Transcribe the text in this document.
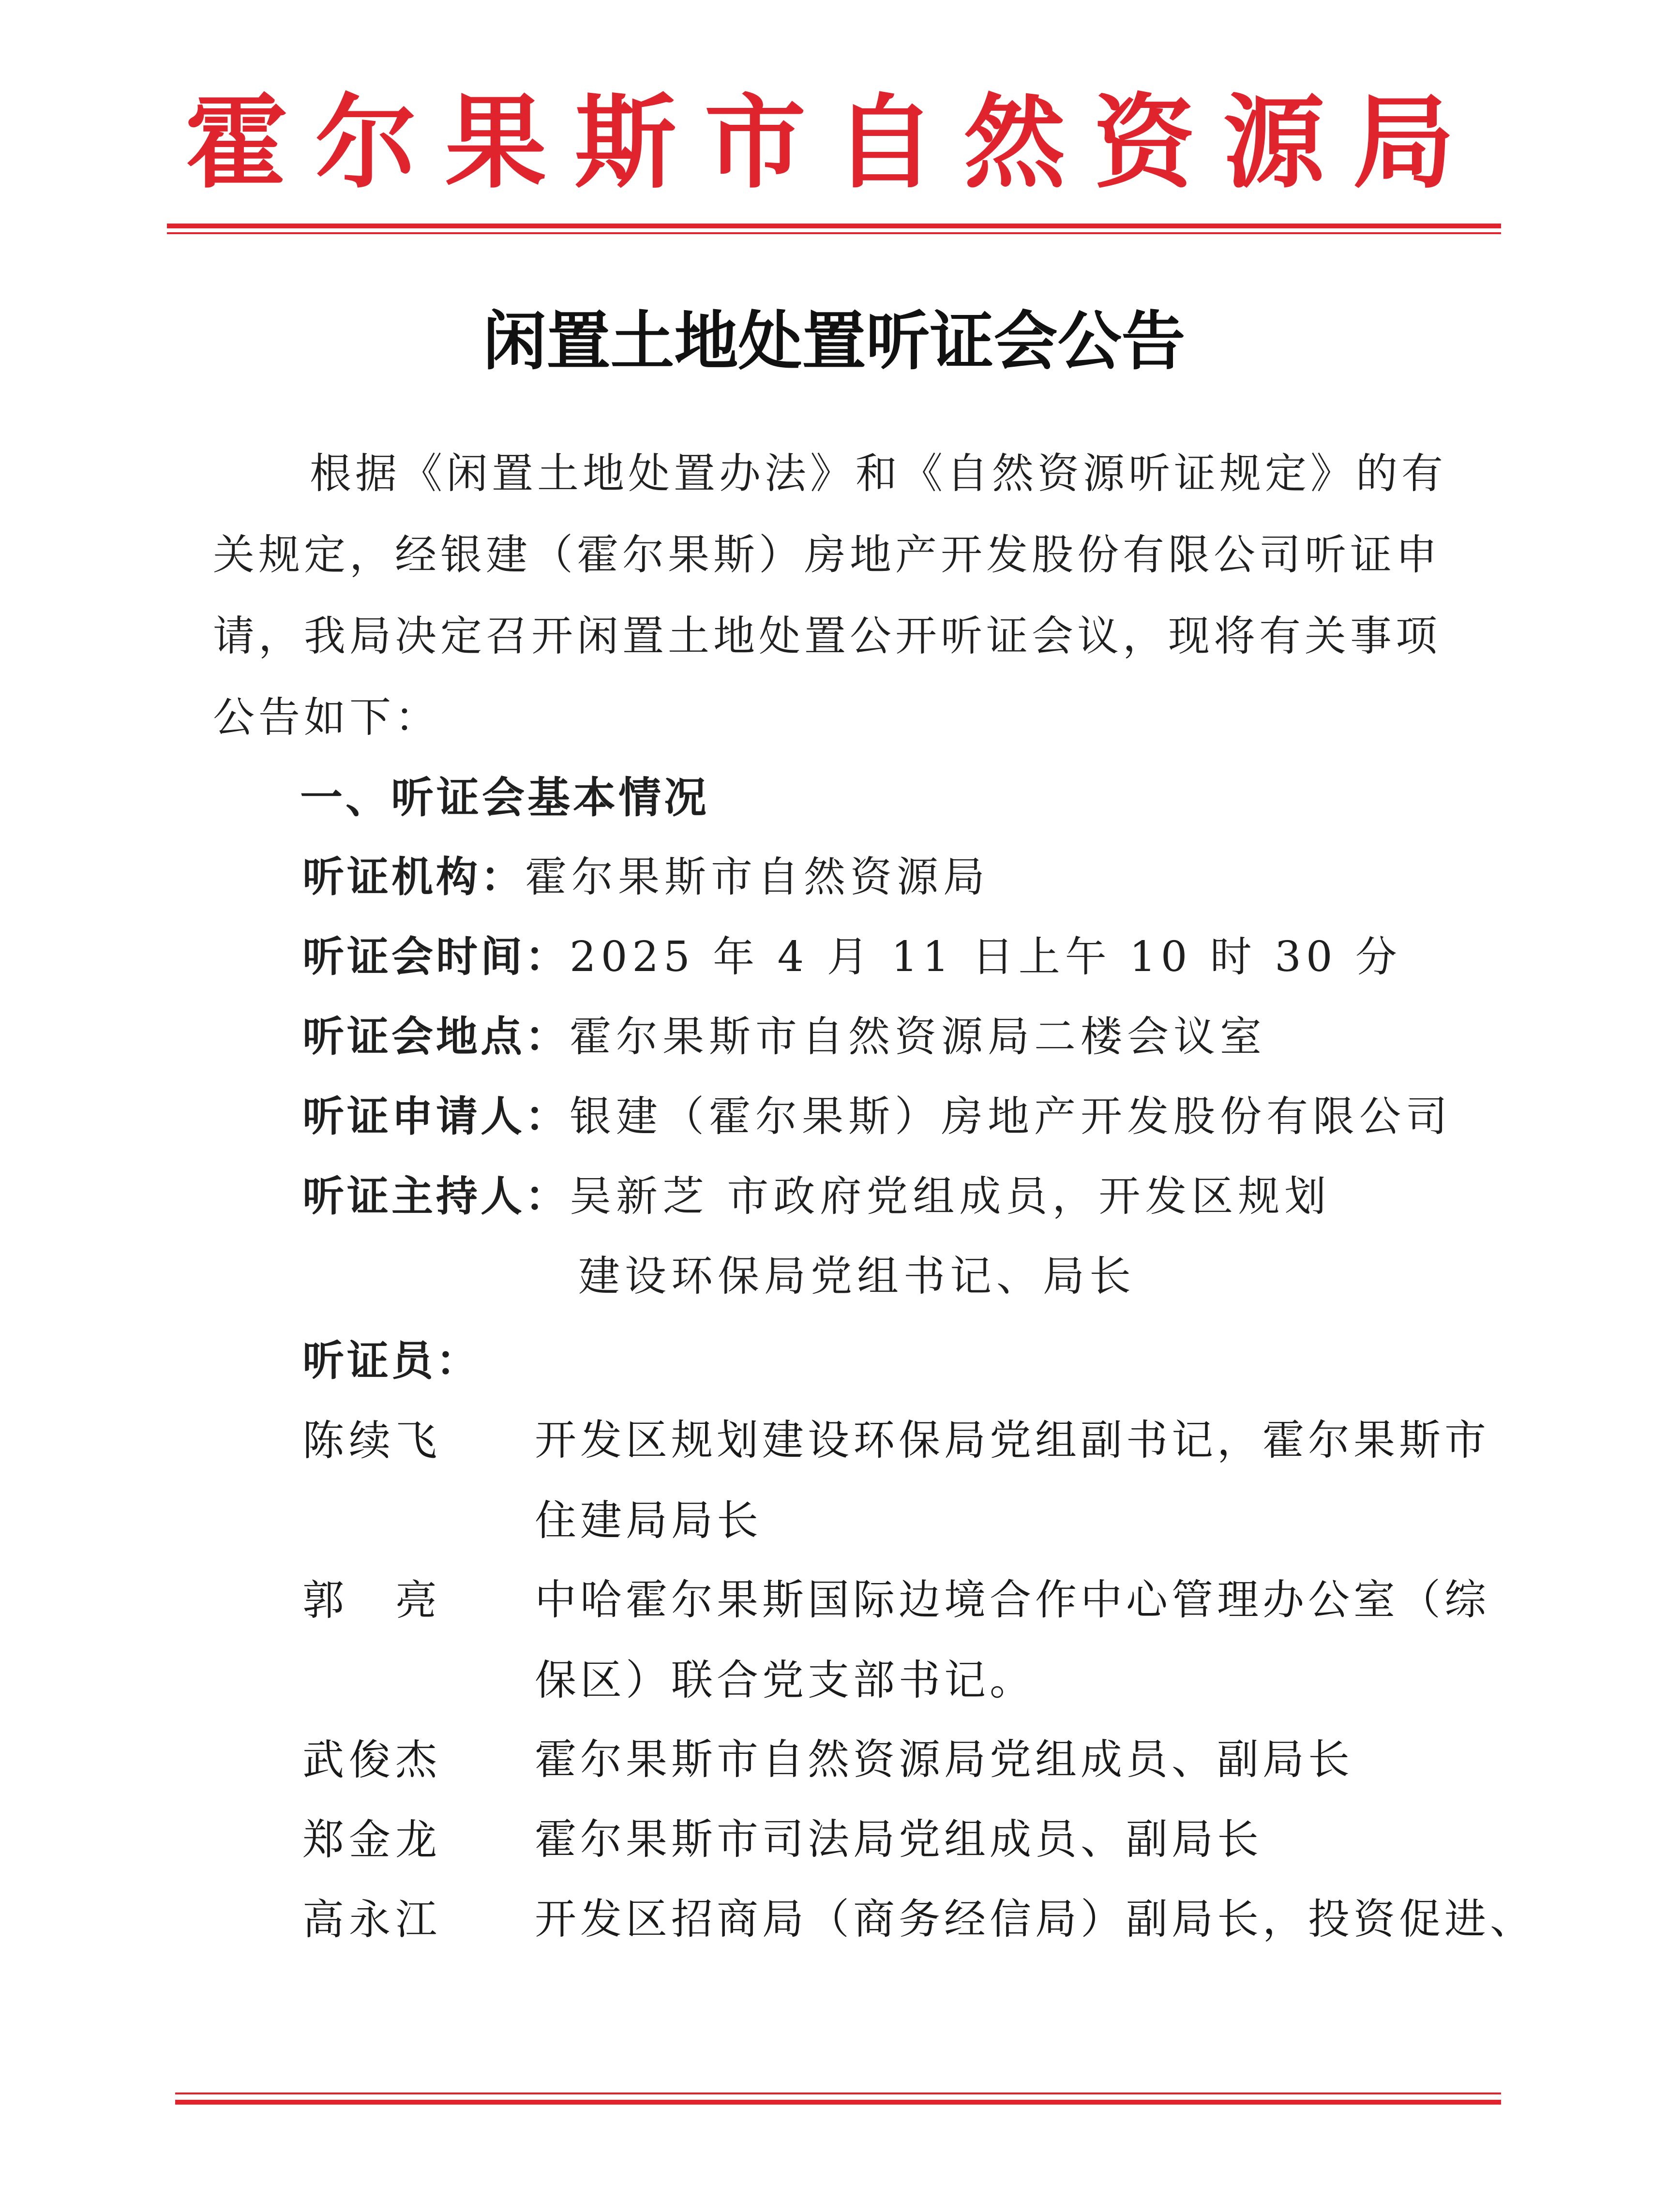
霍尔果斯市自然资源局
闲置土地处置听证会公告
根据《闲置土地处置办法》和《自然资源听证规定》的有关规定，经银建（霍尔果斯）房地产开发股份有限公司听证申请，我局决定召开闲置土地处置公开听证会议，现将有关事项公告如下：
一、听证会基本情况
听证机构：霍尔果斯市自然资源局
听证会时间：2025 年 4 月 11 日上午 10 时 30 分
听证会地点：霍尔果斯市自然资源局二楼会议室
听证申请人：银建（霍尔果斯）房地产开发股份有限公司
听证主持人：吴新芝 市政府党组成员，开发区规划
建设环保局党组书记、局长
听证员：
陈续飞 开发区规划建设环保局党组副书记，霍尔果斯市住建局局长
郭　亮 中哈霍尔果斯国际边境合作中心管理办公室（综保区）联合党支部书记。
武俊杰 霍尔果斯市自然资源局党组成员、副局长
郑金龙 霍尔果斯市司法局党组成员、副局长
高永江 开发区招商局（商务经信局）副局长，投资促进、
